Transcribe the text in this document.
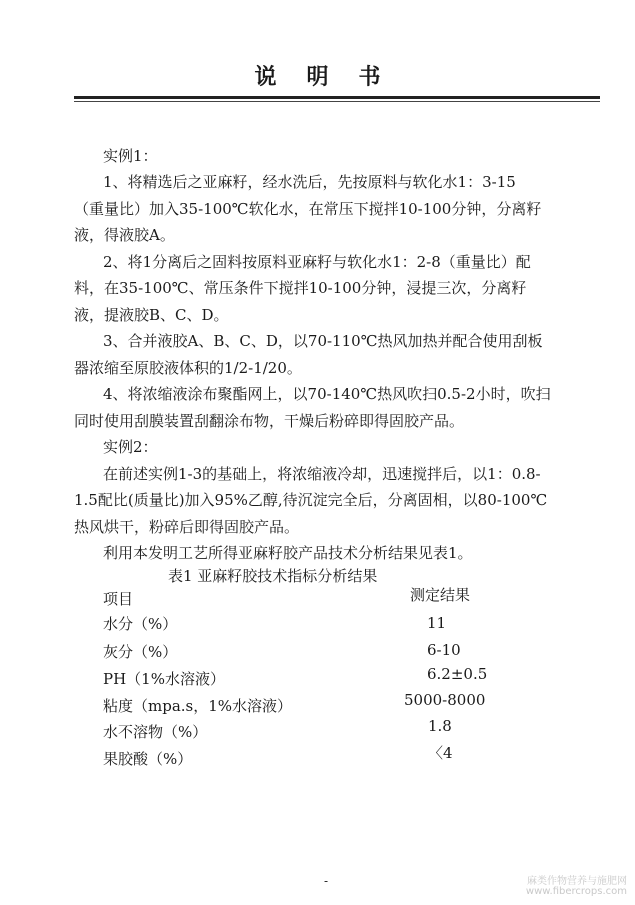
说明书
实例1：
1、将精选后之亚麻籽，经水洗后，先按原料与软化水1：3-15
（重量比）加入35-100℃软化水，在常压下搅拌10-100分钟，分离籽
液，得液胶A。
2、将1分离后之固料按原料亚麻籽与软化水1：2-8（重量比）配
料，在35-100℃、常压条件下搅拌10-100分钟，浸提三次，分离籽
液，提液胶B、C、D。
3、合并液胶A、B、C、D，以70-110℃热风加热并配合使用刮板
器浓缩至原胶液体积的1/2-1/20。
4、将浓缩液涂布聚酯网上，以70-140℃热风吹扫0.5-2小时，吹扫
同时使用刮膜装置刮翻涂布物，干燥后粉碎即得固胶产品。
实例2：
在前述实例1-3的基础上，将浓缩液冷却，迅速搅拌后，以1：0.8-
1.5配比(质量比)加入95%乙醇,待沉淀完全后，分离固相，以80-100℃
热风烘干，粉碎后即得固胶产品。
利用本发明工艺所得亚麻籽胶产品技术分析结果见表1。
表1 亚麻籽胶技术指标分析结果
项目	测定结果
水分（%）	11
灰分（%）	6-10
PH（1%水溶液）	6.2±0.5
粘度（mpa.s，1%水溶液）	5000-8000
水不溶物（%）	1.8
果胶酸（%）	〈4
-	麻类作物营养与施肥网
www.fibercrops.com
